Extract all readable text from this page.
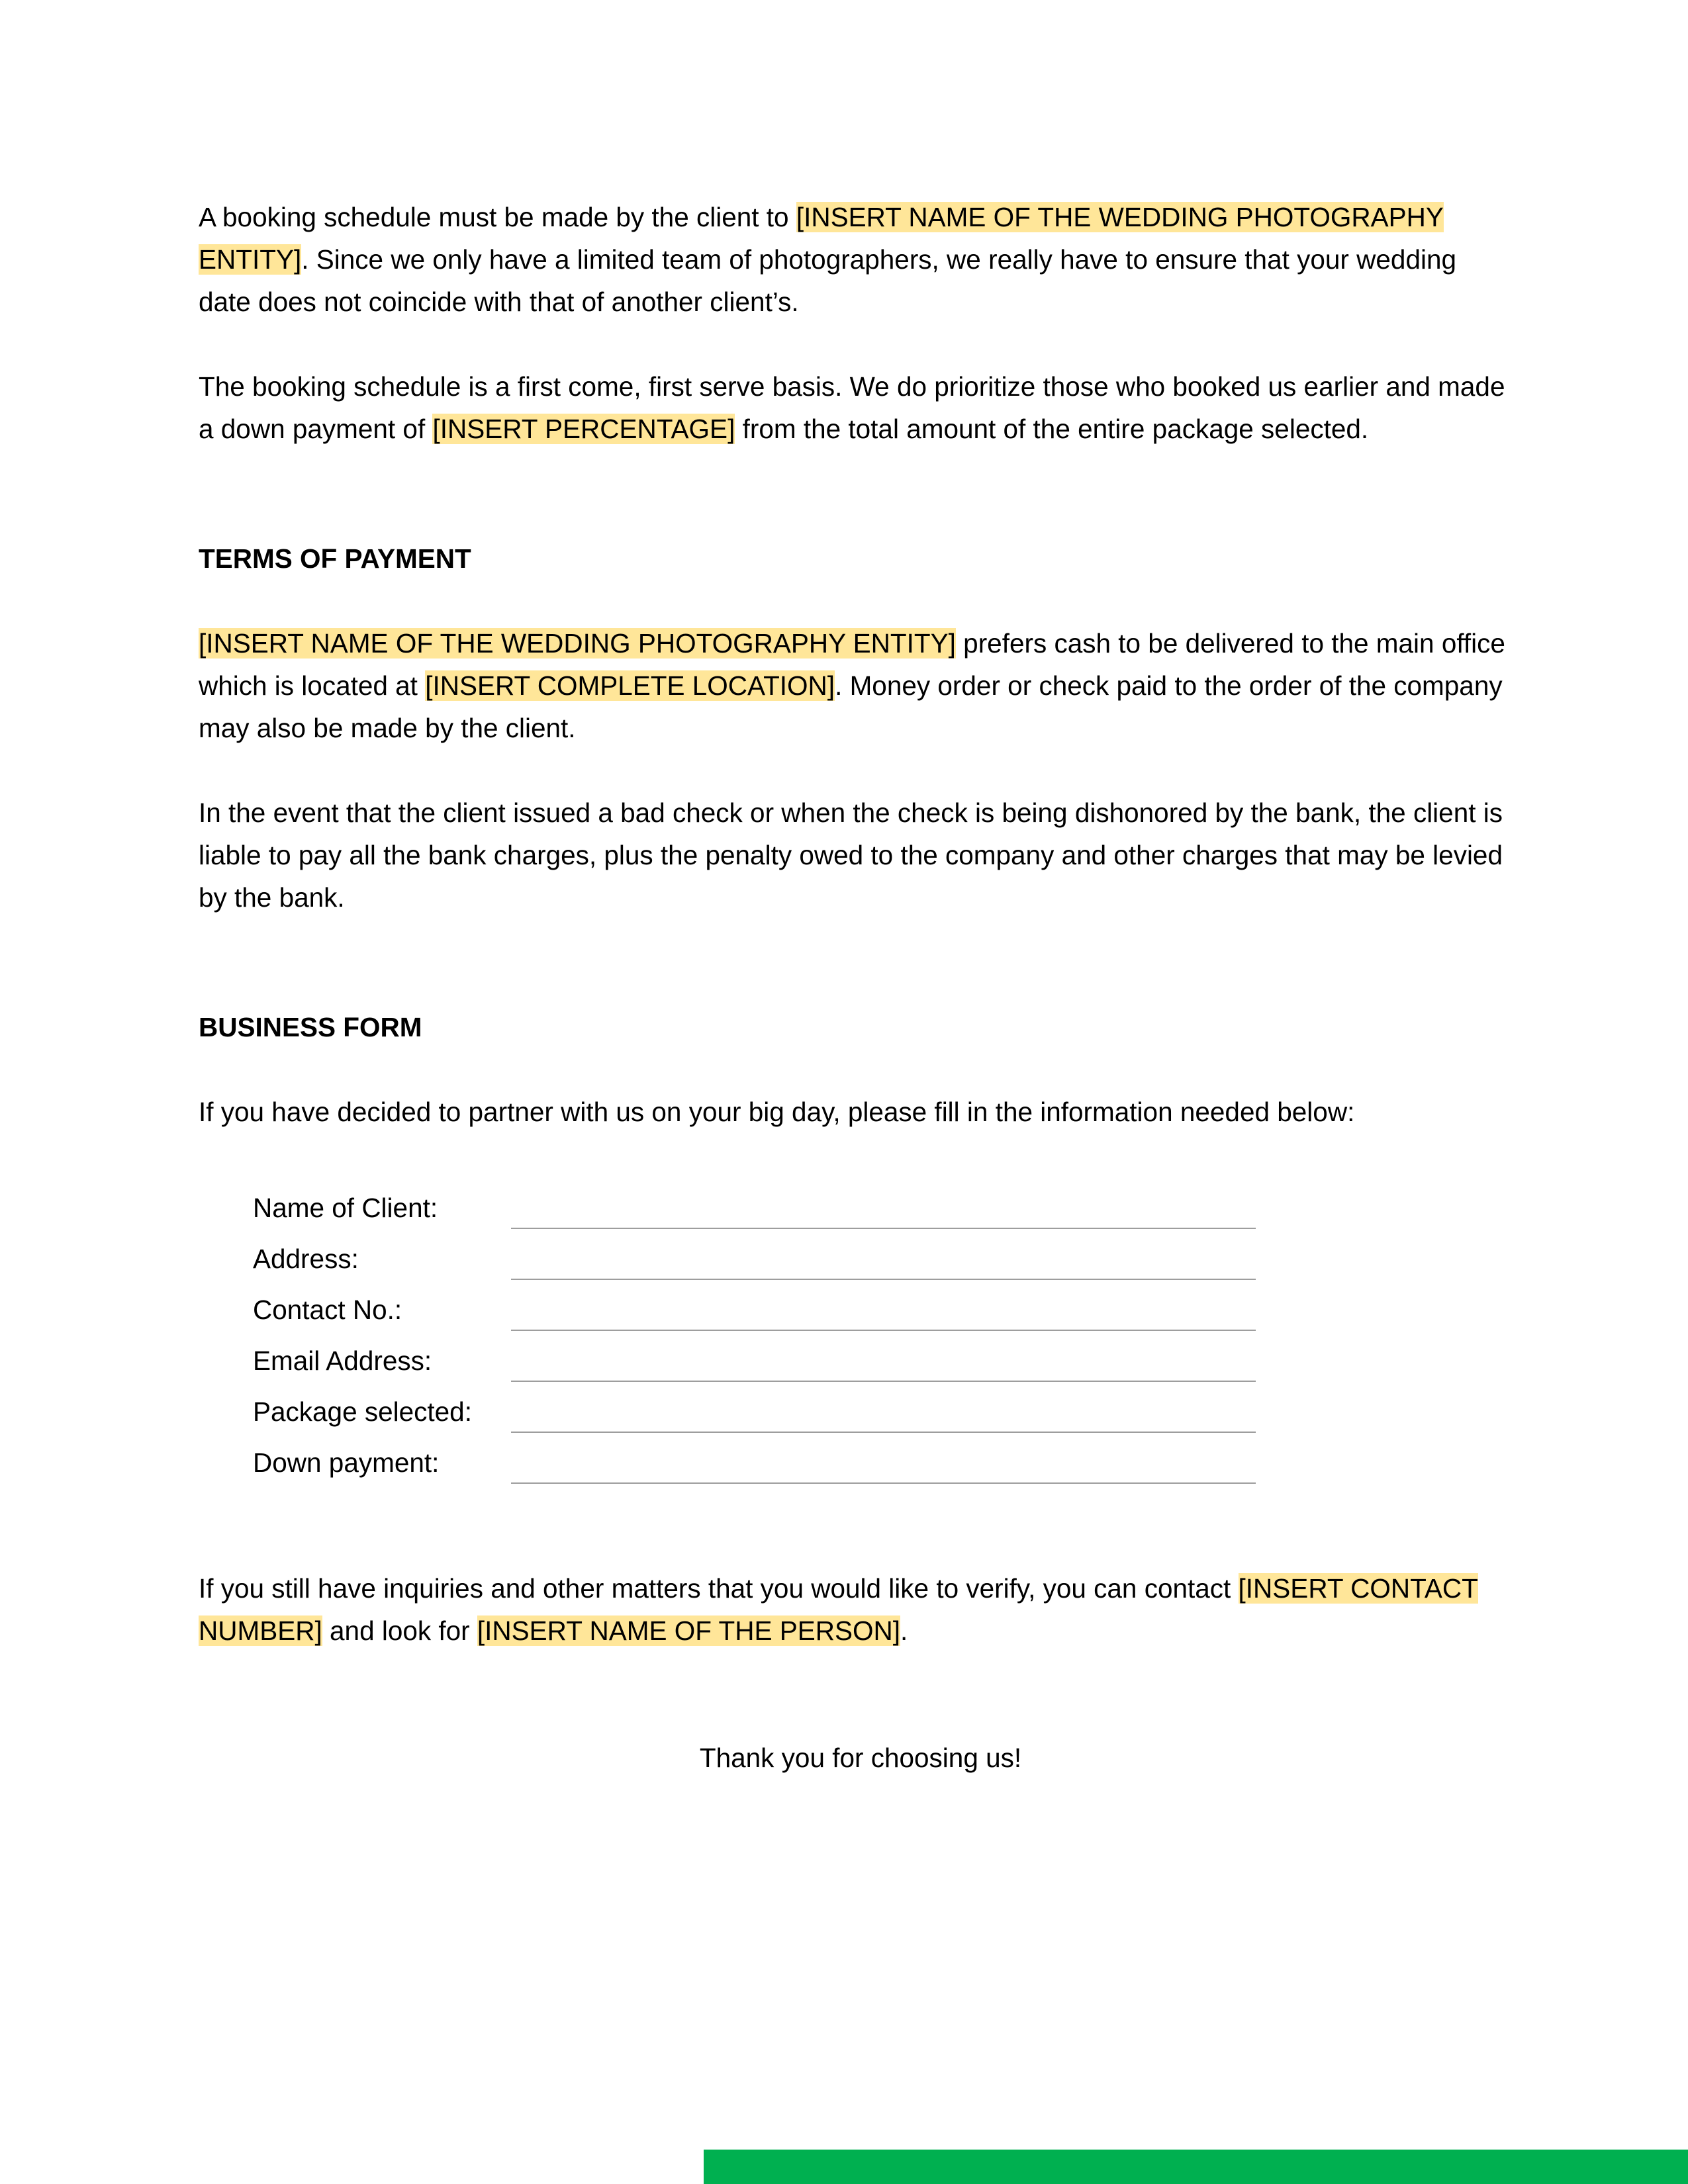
A booking schedule must be made by the client to [INSERT NAME OF THE WEDDING PHOTOGRAPHY ENTITY]. Since we only have a limited team of photographers, we really have to ensure that your wedding date does not coincide with that of another client’s.

The booking schedule is a first come, first serve basis. We do prioritize those who booked us earlier and made a down payment of [INSERT PERCENTAGE] from the total amount of the entire package selected.

TERMS OF PAYMENT

[INSERT NAME OF THE WEDDING PHOTOGRAPHY ENTITY] prefers cash to be delivered to the main office which is located at [INSERT COMPLETE LOCATION]. Money order or check paid to the order of the company may also be made by the client.

In the event that the client issued a bad check or when the check is being dishonored by the bank, the client is liable to pay all the bank charges, plus the penalty owed to the company and other charges that may be levied by the bank.

BUSINESS FORM

If you have decided to partner with us on your big day, please fill in the information needed below:

Name of Client:
Address:
Contact No.:
Email Address:
Package selected:
Down payment:

If you still have inquiries and other matters that you would like to verify, you can contact [INSERT CONTACT NUMBER] and look for [INSERT NAME OF THE PERSON].

Thank you for choosing us!
